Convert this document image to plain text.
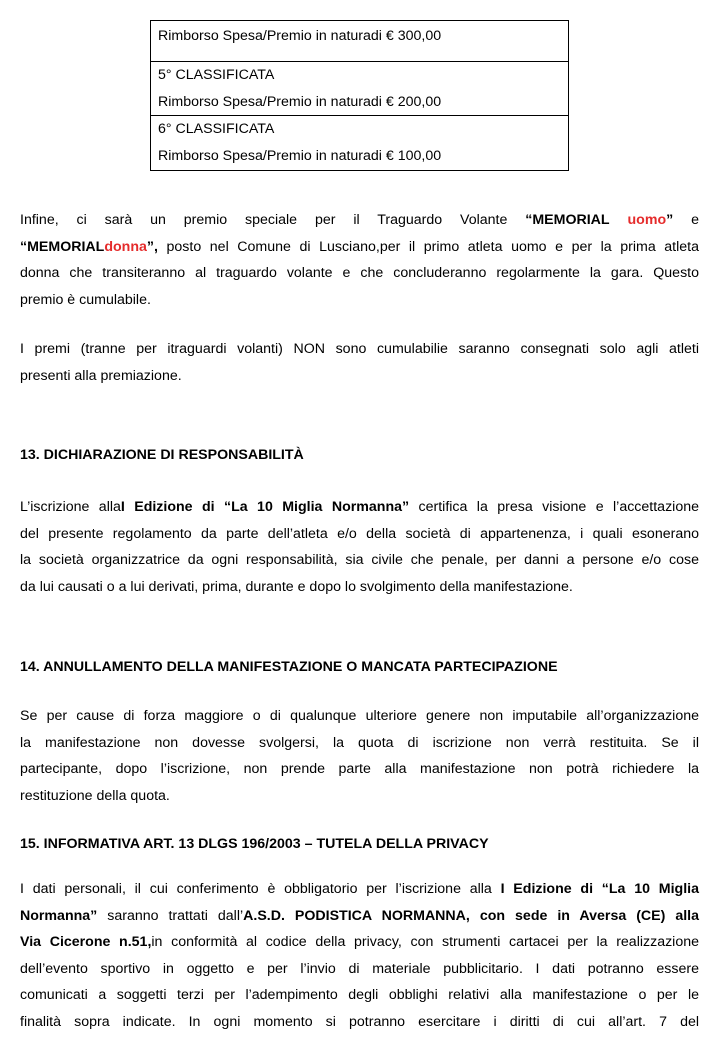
Rimborso Spesa/Premio in naturadi € 300,00
5° CLASSIFICATA
Rimborso Spesa/Premio in naturadi € 200,00
6° CLASSIFICATA
Rimborso Spesa/Premio in naturadi € 100,00
Infine, ci sarà un premio speciale per il Traguardo Volante “MEMORIAL uomo” e
“MEMORIALdonna”, posto nel Comune di Lusciano,per il primo atleta uomo e per la prima atleta
donna che transiteranno al traguardo volante e che concluderanno regolarmente la gara. Questo
premio è cumulabile.
I premi (tranne per itraguardi volanti) NON sono cumulabilie saranno consegnati solo agli atleti
presenti alla premiazione.
13. DICHIARAZIONE DI RESPONSABILITÀ
L’iscrizione allaI Edizione di “La 10 Miglia Normanna” certifica la presa visione e l’accettazione
del presente regolamento da parte dell’atleta e/o della società di appartenenza, i quali esonerano
la società organizzatrice da ogni responsabilità, sia civile che penale, per danni a persone e/o cose
da lui causati o a lui derivati, prima, durante e dopo lo svolgimento della manifestazione.
14. ANNULLAMENTO DELLA MANIFESTAZIONE O MANCATA PARTECIPAZIONE
Se per cause di forza maggiore o di qualunque ulteriore genere non imputabile all’organizzazione
la manifestazione non dovesse svolgersi, la quota di iscrizione non verrà restituita. Se il
partecipante, dopo l’iscrizione, non prende parte alla manifestazione non potrà richiedere la
restituzione della quota.
15. INFORMATIVA ART. 13 DLGS 196/2003 – TUTELA DELLA PRIVACY
I dati personali, il cui conferimento è obbligatorio per l’iscrizione alla I Edizione di “La 10 Miglia
Normanna” saranno trattati dall’A.S.D. PODISTICA NORMANNA, con sede in Aversa (CE) alla
Via Cicerone n.51,in conformità al codice della privacy, con strumenti cartacei per la realizzazione
dell’evento sportivo in oggetto e per l’invio di materiale pubblicitario. I dati potranno essere
comunicati a soggetti terzi per l’adempimento degli obblighi relativi alla manifestazione o per le
finalità sopra indicate. In ogni momento si potranno esercitare i diritti di cui all’art. 7 del
